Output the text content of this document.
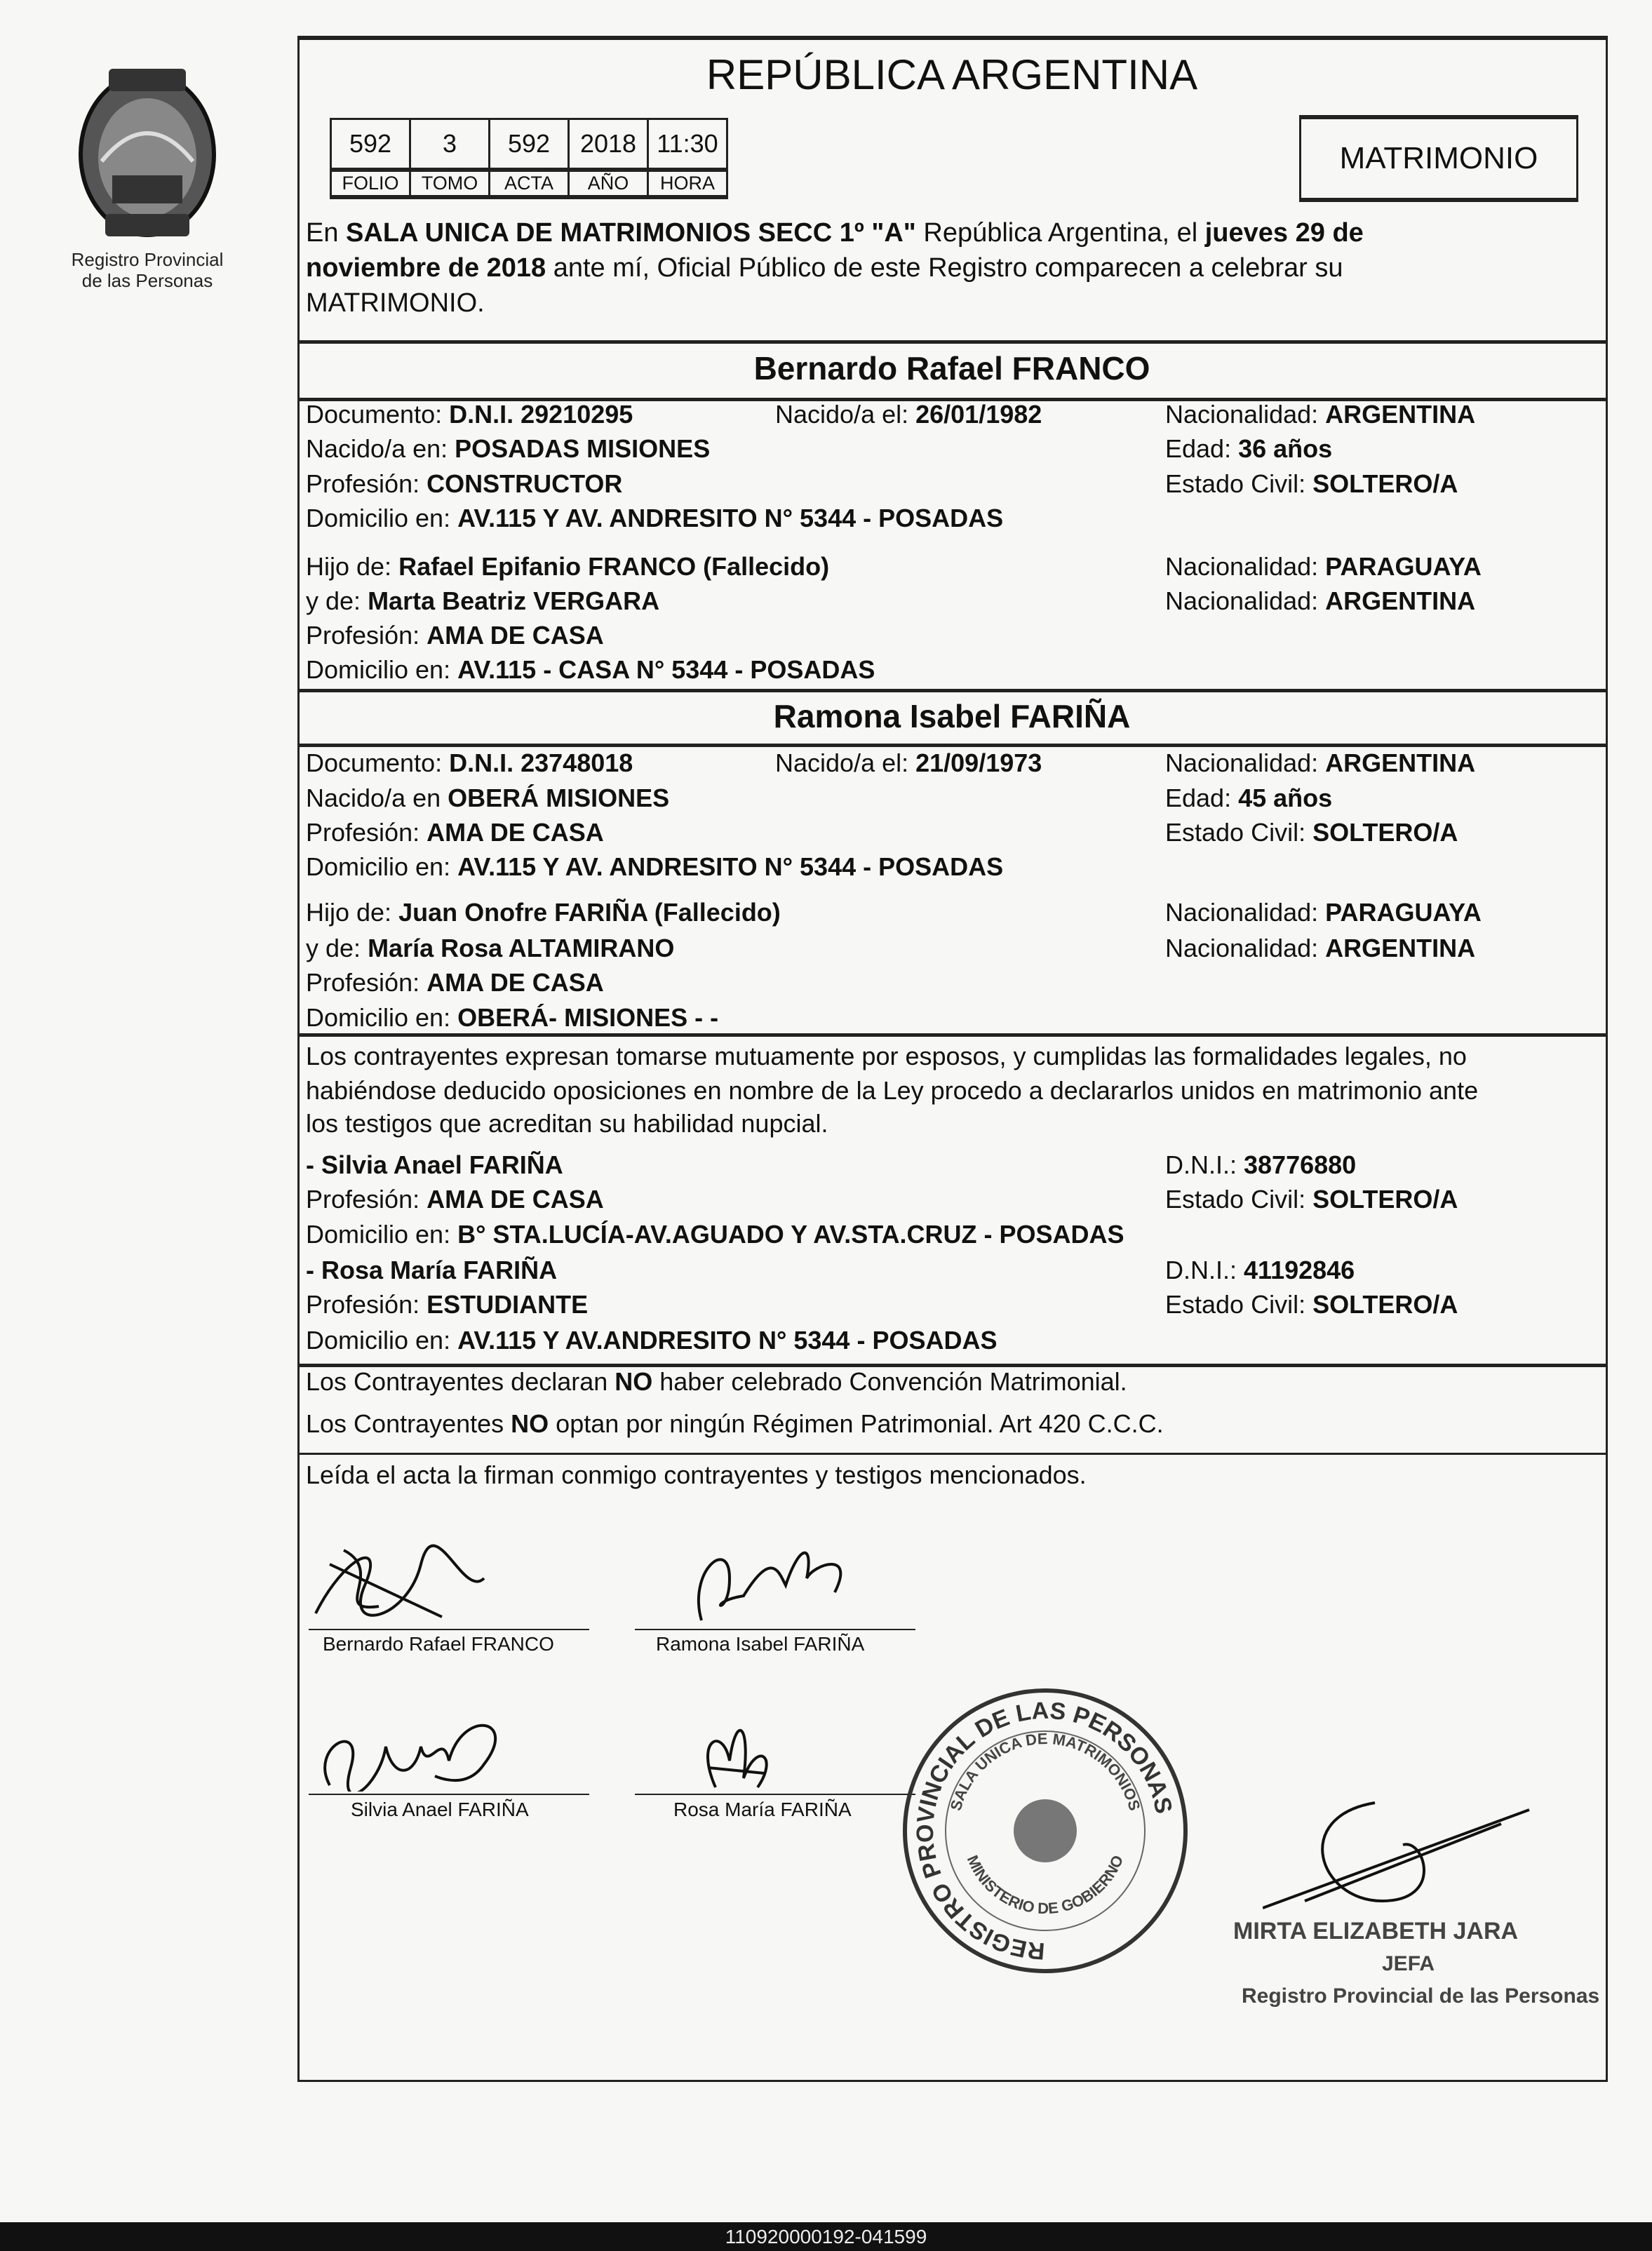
Registro Provincial
de las Personas
REPÚBLICA ARGENTINA
592	3	592	2018	11:30
FOLIO	TOMO	ACTA	AÑO	HORA
MATRIMONIO
En SALA UNICA DE MATRIMONIOS SECC 1º "A" República Argentina, el jueves 29 de
noviembre de 2018 ante mí, Oficial Público de este Registro comparecen a celebrar su
MATRIMONIO.
Bernardo Rafael FRANCO
Documento: D.N.I. 29210295	Nacido/a el: 26/01/1982	Nacionalidad: ARGENTINA
Nacido/a en: POSADAS MISIONES	Edad: 36 años
Profesión: CONSTRUCTOR	Estado Civil: SOLTERO/A
Domicilio en: AV.115 Y AV. ANDRESITO N° 5344 - POSADAS
Hijo de: Rafael Epifanio FRANCO (Fallecido)	Nacionalidad: PARAGUAYA
y de: Marta Beatriz VERGARA	Nacionalidad: ARGENTINA
Profesión: AMA DE CASA
Domicilio en: AV.115 - CASA N° 5344 - POSADAS
Ramona Isabel FARIÑA
Documento: D.N.I. 23748018	Nacido/a el: 21/09/1973	Nacionalidad: ARGENTINA
Nacido/a en OBERÁ MISIONES	Edad: 45 años
Profesión: AMA DE CASA	Estado Civil: SOLTERO/A
Domicilio en: AV.115 Y AV. ANDRESITO N° 5344 - POSADAS
Hijo de: Juan Onofre FARIÑA (Fallecido)	Nacionalidad: PARAGUAYA
y de: María Rosa ALTAMIRANO	Nacionalidad: ARGENTINA
Profesión: AMA DE CASA
Domicilio en: OBERÁ- MISIONES - -
Los contrayentes expresan tomarse mutuamente por esposos, y cumplidas las formalidades legales, no
habiéndose deducido oposiciones en nombre de la Ley procedo a declararlos unidos en matrimonio ante
los testigos que acreditan su habilidad nupcial.
- Silvia Anael FARIÑA	D.N.I.: 38776880
Profesión: AMA DE CASA	Estado Civil: SOLTERO/A
Domicilio en: B° STA.LUCÍA-AV.AGUADO Y AV.STA.CRUZ - POSADAS
- Rosa María FARIÑA	D.N.I.: 41192846
Profesión: ESTUDIANTE	Estado Civil: SOLTERO/A
Domicilio en: AV.115 Y AV.ANDRESITO N° 5344 - POSADAS
Los Contrayentes declaran NO haber celebrado Convención Matrimonial.
Los Contrayentes NO optan por ningún Régimen Patrimonial. Art 420 C.C.C.
Leída el acta la firman conmigo contrayentes y testigos mencionados.
Bernardo Rafael FRANCO	Ramona Isabel FARIÑA
Silvia Anael FARIÑA	Rosa María FARIÑA
REGISTRO PROVINCIAL DE LAS PERSONAS
SALA UNICA DE MATRIMONIOS
MINISTERIO DE GOBIERNO
MIRTA ELIZABETH JARA
JEFA
Registro Provincial de las Personas
110920000192-041599
